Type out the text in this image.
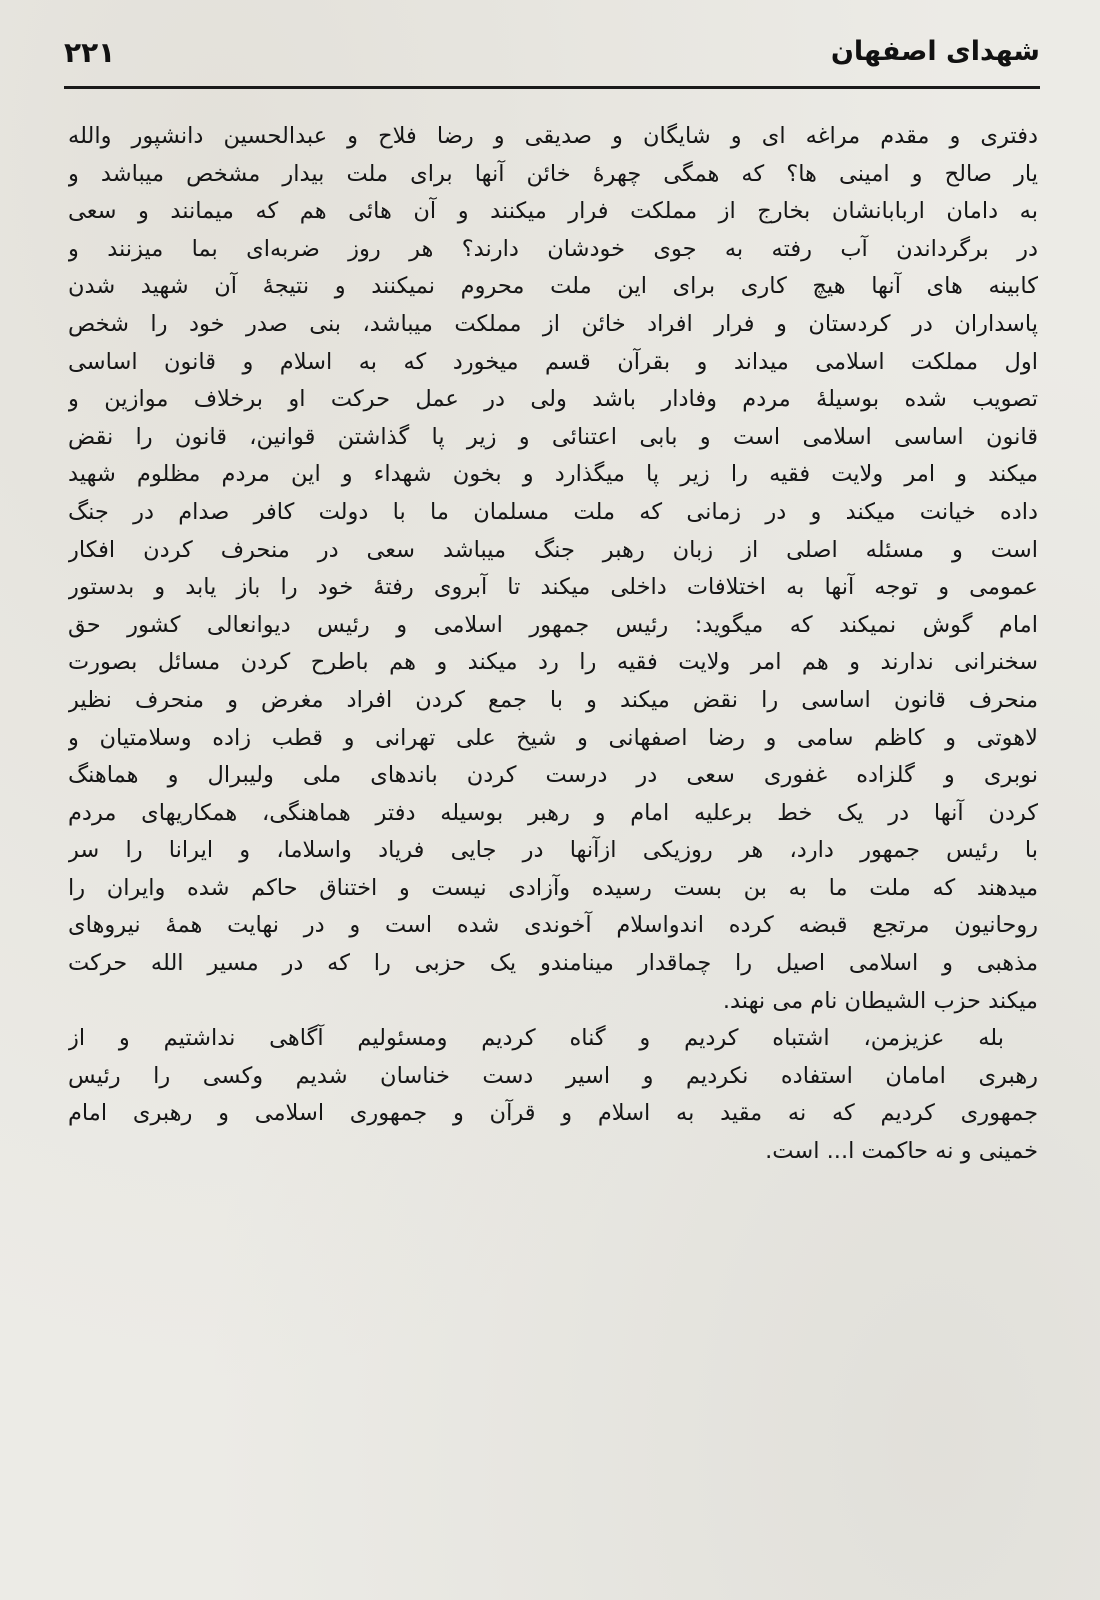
شهدای اصفهان
۲۲۱
دفتری و مقدم مراغه ای و شایگان و صدیقی و رضا فلاح و عبدالحسین دانشپور والله
یار صالح و امینی ها؟ که همگی چهرهٔ خائن آنها برای ملت بیدار مشخص میباشد و
به دامان اربابانشان بخارج از مملکت فرار میکنند و آن هائی هم که میمانند و سعی
در برگرداندن آب رفته به جوی خودشان دارند؟ هر روز ضربه‌ای بما میزنند و
کابینه های آنها هیچ کاری برای این ملت محروم نمیکنند و نتیجهٔ آن شهید شدن
پاسداران در کردستان و فرار افراد خائن از مملکت میباشد، بنی صدر خود را شخص
اول مملکت اسلامی میداند و بقرآن قسم میخورد که به اسلام و قانون اساسی
تصویب شده بوسیلهٔ مردم وفادار باشد ولی در عمل حرکت او برخلاف موازین و
قانون اساسی اسلامی است و بابی اعتنائی و زیر پا گذاشتن قوانین، قانون را نقض
میکند و امر ولایت فقیه را زیر پا میگذارد و بخون شهداء و این مردم مظلوم شهید
داده خیانت میکند و در زمانی که ملت مسلمان ما با دولت کافر صدام در جنگ
است و مسئله اصلی از زبان رهبر جنگ میباشد سعی در منحرف کردن افکار
عمومی و توجه آنها به اختلافات داخلی میکند تا آبروی رفتهٔ خود را باز یابد و بدستور
امام گوش نمیکند که میگوید: رئیس جمهور اسلامی و رئیس دیوانعالی کشور حق
سخنرانی ندارند و هم امر ولایت فقیه را رد میکند و هم باطرح کردن مسائل بصورت
منحرف قانون اساسی را نقض میکند و با جمع کردن افراد مغرض و منحرف نظیر
لاهوتی و کاظم سامی و رضا اصفهانی و شیخ علی تهرانی و قطب زاده وسلامتیان و
نوبری و گلزاده غفوری سعی در درست کردن باندهای ملی ولیبرال و هماهنگ
کردن آنها در یک خط برعلیه امام و رهبر بوسیله دفتر هماهنگی، همکاریهای مردم
با رئیس جمهور دارد، هر روزیکی ازآنها در جایی فریاد واسلاما، و ایرانا را سر
میدهند که ملت ما به بن بست رسیده وآزادی نیست و اختناق حاکم شده وایران را
روحانیون مرتجع قبضه کرده اندواسلام آخوندی شده است و در نهایت همهٔ نیروهای
مذهبی و اسلامی اصیل را چماقدار مینامندو یک حزبی را که در مسیر الله حرکت
میکند حزب الشیطان نام می نهند.
بله عزیزمن، اشتباه کردیم و گناه کردیم ومسئولیم آگاهی نداشتیم و از
رهبری امامان استفاده نکردیم و اسیر دست خناسان شدیم وکسی را رئیس
جمهوری کردیم که نه مقید به اسلام و قرآن و جمهوری اسلامی و رهبری امام
خمینی و نه حاکمت ا... است.
